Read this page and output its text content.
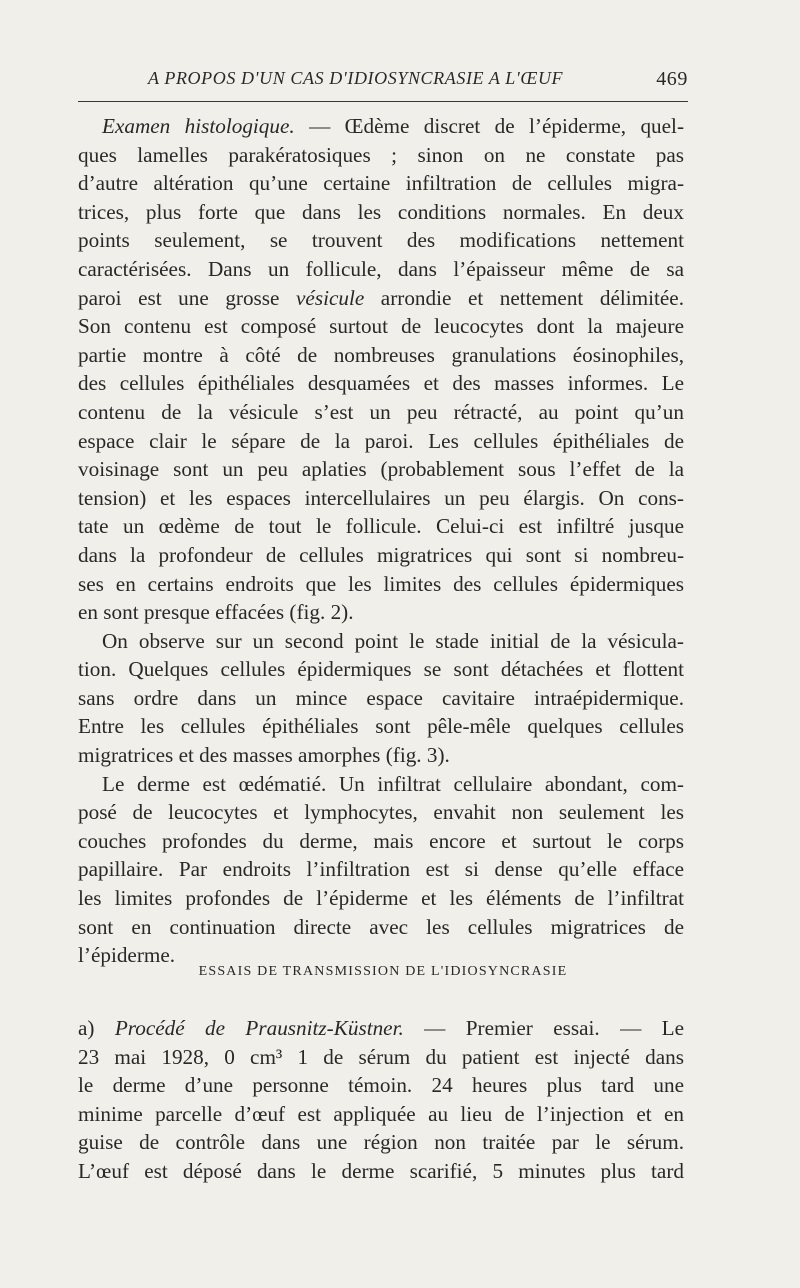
A PROPOS D'UN CAS D'IDIOSYNCRASIE A L'ŒUF	469
Examen histologique. — Œdème discret de l’épiderme, quel-
ques lamelles parakératosiques ; sinon on ne constate pas
d’autre altération qu’une certaine infiltration de cellules migra-
trices, plus forte que dans les conditions normales. En deux
points seulement, se trouvent des modifications nettement
caractérisées. Dans un follicule, dans l’épaisseur même de sa
paroi est une grosse vésicule arrondie et nettement délimitée.
Son contenu est composé surtout de leucocytes dont la majeure
partie montre à côté de nombreuses granulations éosinophiles,
des cellules épithéliales desquamées et des masses informes. Le
contenu de la vésicule s’est un peu rétracté, au point qu’un
espace clair le sépare de la paroi. Les cellules épithéliales de
voisinage sont un peu aplaties (probablement sous l’effet de la
tension) et les espaces intercellulaires un peu élargis. On cons-
tate un œdème de tout le follicule. Celui-ci est infiltré jusque
dans la profondeur de cellules migratrices qui sont si nombreu-
ses en certains endroits que les limites des cellules épidermiques
en sont presque effacées (fig. 2).
On observe sur un second point le stade initial de la vésicula-
tion. Quelques cellules épidermiques se sont détachées et flottent
sans ordre dans un mince espace cavitaire intraépidermique.
Entre les cellules épithéliales sont pêle-mêle quelques cellules
migratrices et des masses amorphes (fig. 3).
Le derme est œdématié. Un infiltrat cellulaire abondant, com-
posé de leucocytes et lymphocytes, envahit non seulement les
couches profondes du derme, mais encore et surtout le corps
papillaire. Par endroits l’infiltration est si dense qu’elle efface
les limites profondes de l’épiderme et les éléments de l’infiltrat
sont en continuation directe avec les cellules migratrices de
l’épiderme.
ESSAIS DE TRANSMISSION DE L'IDIOSYNCRASIE
a) Procédé de Prausnitz-Küstner. — Premier essai. — Le
23 mai 1928, 0 cm³ 1 de sérum du patient est injecté dans
le derme d’une personne témoin. 24 heures plus tard une
minime parcelle d’œuf est appliquée au lieu de l’injection et en
guise de contrôle dans une région non traitée par le sérum.
L’œuf est déposé dans le derme scarifié, 5 minutes plus tard
